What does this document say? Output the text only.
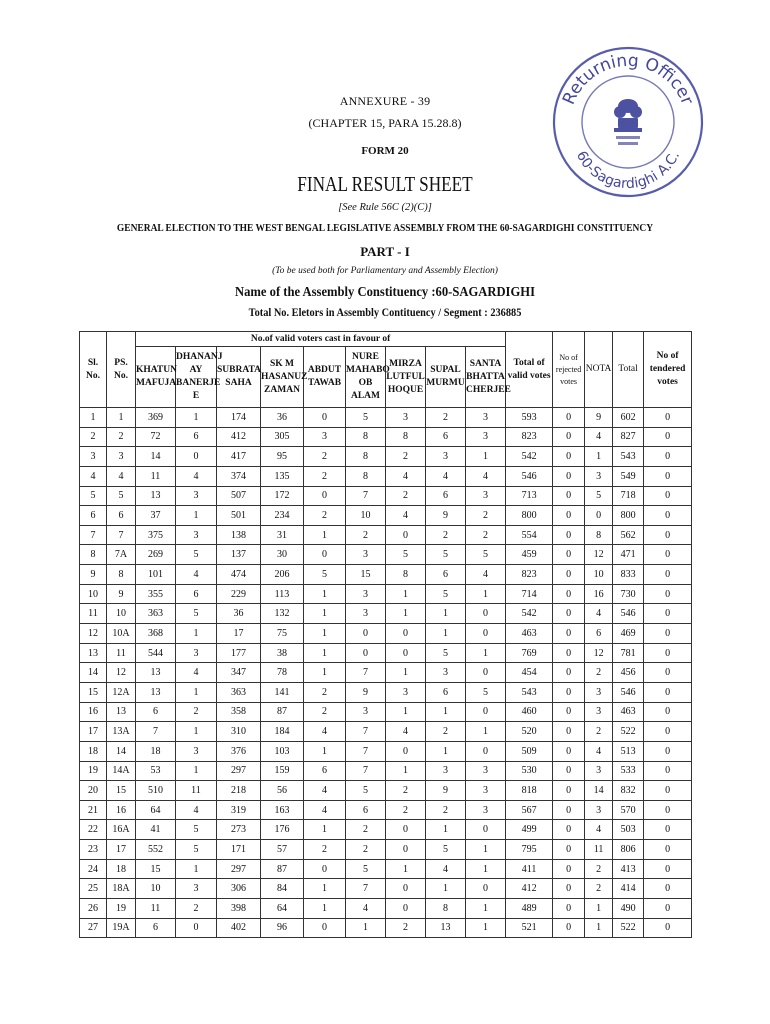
Returning Officer
60-Sagardighi A.C.
ANNEXURE - 39
(CHAPTER 15, PARA 15.28.8)
FORM 20
FINAL RESULT SHEET
[See Rule 56C (2)(C)]
GENERAL ELECTION TO THE WEST BENGAL LEGISLATIVE ASSEMBLY FROM THE 60-SAGARDIGHI CONSTITUENCY
PART - I
(To be used both for Parliamentary and Assembly Election)
Name of the Assembly Constituency :60-SAGARDIGHI
Total No. Eletors in Assembly Contituency / Segment : 236885
Sl. No.	PS. No.	No.of valid voters cast in favour of									Total of valid votes	No of rejected votes	NOTA	Total	No of tendered votes
		KHATUN MAFUJA	DHANANJ AY BANERJE E	SUBRATA SAHA	SK M HASANUZ ZAMAN	ABDUT TAWAB	NURE MAHABO OB ALAM	MIRZA LUTFUL HOQUE	SUPAL MURMU	SANTA BHATTA CHERJEE					
1	1	369	1	174	36	0	5	3	2	3	593	0	9	602	0
2	2	72	6	412	305	3	8	8	6	3	823	0	4	827	0
3	3	14	0	417	95	2	8	2	3	1	542	0	1	543	0
4	4	11	4	374	135	2	8	4	4	4	546	0	3	549	0
5	5	13	3	507	172	0	7	2	6	3	713	0	5	718	0
6	6	37	1	501	234	2	10	4	9	2	800	0	0	800	0
7	7	375	3	138	31	1	2	0	2	2	554	0	8	562	0
8	7A	269	5	137	30	0	3	5	5	5	459	0	12	471	0
9	8	101	4	474	206	5	15	8	6	4	823	0	10	833	0
10	9	355	6	229	113	1	3	1	5	1	714	0	16	730	0
11	10	363	5	36	132	1	3	1	1	0	542	0	4	546	0
12	10A	368	1	17	75	1	0	0	1	0	463	0	6	469	0
13	11	544	3	177	38	1	0	0	5	1	769	0	12	781	0
14	12	13	4	347	78	1	7	1	3	0	454	0	2	456	0
15	12A	13	1	363	141	2	9	3	6	5	543	0	3	546	0
16	13	6	2	358	87	2	3	1	1	0	460	0	3	463	0
17	13A	7	1	310	184	4	7	4	2	1	520	0	2	522	0
18	14	18	3	376	103	1	7	0	1	0	509	0	4	513	0
19	14A	53	1	297	159	6	7	1	3	3	530	0	3	533	0
20	15	510	11	218	56	4	5	2	9	3	818	0	14	832	0
21	16	64	4	319	163	4	6	2	2	3	567	0	3	570	0
22	16A	41	5	273	176	1	2	0	1	0	499	0	4	503	0
23	17	552	5	171	57	2	2	0	5	1	795	0	11	806	0
24	18	15	1	297	87	0	5	1	4	1	411	0	2	413	0
25	18A	10	3	306	84	1	7	0	1	0	412	0	2	414	0
26	19	11	2	398	64	1	4	0	8	1	489	0	1	490	0
27	19A	6	0	402	96	0	1	2	13	1	521	0	1	522	0
